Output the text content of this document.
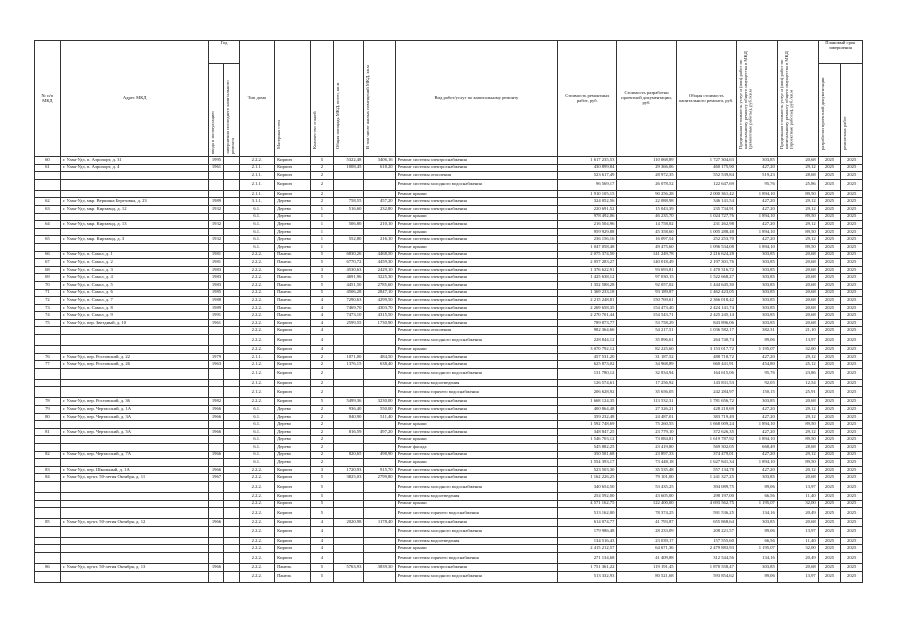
№ п/п МКД	Адрес МКД	Год		Тип дома	Материал стен	Количество этажей	Общая площадь МКД, всего, кв.м	В том числе жилых помещений МКД, кв.м	Вид работ/услуг по капитальному ремонту	Стоимость ремонтных работ, руб.	Стоимость разработки проектной документации, руб.	Общая стоимость капитального ремонта, руб.	Предельная стоимость услуг и (или) работ по капитальному ремонту общего имущества в МКД (ремонтные работы), руб./кв.м	Предельная стоимость услуг и (или) работ по капитальному ремонту общего имущества в МКД (проектные работы), руб./кв.м	Плановый срок завершения	

		ввода в эксплуатацию	завершения последнего капитального ремонта												разработки проектной документации	ремонтных работ

60	г. Улан-Удэ, п. Аэропорт, д. 31	1995		2.2.2.	Кирпич	5	5322,48	3406,16	Ремонт системы электроснабжения	1 617 235,53	110 068,89	1 727 304,63	303,85	20,68	2025	2025
61	г. Улан-Удэ, п. Аэропорт, д. 4	1961		2.1.1.	Кирпич	2	1008,45	618,20	Ремонт системы электроснабжения	430 899,84	29 366,06	460 175,90	427,20	29,12	2025	2025
				2.1.1.	Кирпич	2			Ремонт системы отопления	523 617,49	28 972,35	552 539,84	519,23	28,68	2025	2025
				2.1.1.	Кирпич	2			Ремонт системы холодного водоснабжения	96 569,17	26 078,52	122 647,69	95,76	25,86	2025	2025
				2.1.1.	Кирпич	2			Ремонт крыши	1 910 105,15	90 256,28	2 000 361,42	1 894,10	89,50	2025	2025
62	г. Улан-Удэ, мкр. Вершина Березовка, д. 23	1989		3.1.1.	Дерево	2	758,55	457,20	Ремонт системы электроснабжения	324 052,56	22 088,98	346 141,54	427,20	29,12	2025	2025
63	г. Улан-Удэ, мкр. Кирзавод, д. 12	1932		6.1.	Дерево	1	516,60	232,80	Ремонт системы электроснабжения	220 691,52	15 043,39	235 734,91	427,20	29,12	2025	2025
				6.1.	Дерево	1			Ремонт крыши	978 492,06	46 235,70	1 024 727,76	1 894,10	89,50	2025	2025
64	г. Улан-Удэ, мкр. Кирзавод, д. 13	1932		6.1.	Дерево	1	506,80	210,10	Ремонт системы электроснабжения	216 504,96	14 758,02	231 262,98	427,20	29,12	2025	2025
				6.1.	Дерево	1			Ремонт крыши	959 929,88	45 358,60	1 005 288,48	1 894,10	89,50	2025	2025
65	г. Улан-Удэ, мкр. Кирзавод, д. 3	1932		6.1.	Дерево	1	552,80	216,10	Ремонт системы электроснабжения	236 156,16	16 097,54	252 253,70	427,20	29,12	2025	2025
				6.1.	Дерево	1			Ремонт крыши	1 047 058,48	49 475,60	1 096 534,08	1 894,10	89,50	2025	2025
66	г. Улан-Удэ, п. Сокол, д. 1	1981		2.2.2.	Панель	5	6830,26	4468,50	Ремонт системы электроснабжения	2 075 374,50	141 249,78	2 216 624,28	303,85	20,68	2025	2025
67	г. Улан-Удэ, п. Сокол, д. 2	1981		2.2.2.	Панель	5	6770,72	4459,30	Ремонт системы электроснабжения	2 057 283,27	140 018,49	2 197 301,76	303,85	20,68	2025	2025
68	г. Улан-Удэ, п. Сокол, д. 3	1983		2.2.2.	Кирпич	3	4530,63	2429,10	Ремонт системы электроснабжения	1 376 622,91	93 693,81	1 470 316,72	303,85	20,68	2025	2025
69	г. Улан-Удэ, п. Сокол, д. 4	1983		2.2.2.	Панель	5	4691,96	3225,30	Ремонт системы электроснабжения	1 425 638,12	97 030,15	1 522 668,27	303,85	20,68	2025	2025
70	г. Улан-Удэ, п. Сокол, д. 5	1983		2.2.2.	Панель	5	4451,50	2785,60	Ремонт системы электроснабжения	1 352 588,28	92 057,02	1 444 645,30	303,85	20,68	2025	2025
71	г. Улан-Удэ, п. Сокол, д. 6	1985		2.2.2.	Панель	5	4506,28	2847,10	Ремонт системы электроснабжения	1 369 233,18	93 189,87	1 462 423,05	303,85	20,68	2025	2025
72	г. Улан-Удэ, п. Сокол, д. 7	1988		2.2.2.	Панель	4	7290,63	4299,50	Ремонт системы электроснабжения	2 215 248,81	150 769,61	2 366 018,42	303,85	20,68	2025	2025
73	г. Улан-Удэ, п. Сокол, д. 8	1989		2.2.2.	Панель	4	7469,70	4303,70	Ремонт системы электроснабжения	2 269 658,35	154 473,40	2 424 141,74	303,85	20,68	2025	2025
74	г. Улан-Удэ, п. Сокол, д. 9	1991		2.2.2.	Панель	4	7473,10	4315,50	Ремонт системы электроснабжения	2 270 701,44	154 543,71	2 425 245,14	303,85	20,68	2025	2025
75	г. Улан-Удэ, пер. Звездный, д. 10	1961		2.2.2.	Кирпич	4	2599,55	1730,90	Ремонт системы электроснабжения	789 873,77	53 758,29	843 896,06	303,85	20,68	2025	2025
				2.2.2.	Кирпич	4			Ремонт системы отопления	982 364,66	54 217,51	1 036 582,17	382,31	21,10	2025	2025
				2.2.2.	Кирпич	4			Ремонт системы холодного водоснабжения	228 844,12	35 896,61	264 740,74	89,06	13,97	2025	2025
				2.2.2.	Кирпич	4			Ремонт крыши	3 070 792,12	82 225,60	3 153 017,72	1 195,07	32,00	2025	2025
76	г. Улан-Удэ, пер. Ростовский, д. 22	1979		2.1.1.	Кирпич	2	1071,00	484,50	Ремонт системы электроснабжения	457 531,20	31 187,52	488 718,72	427,20	29,12	2025	2025
77	г. Улан-Удэ, пер. Ростовский, д. 26	1963		2.1.2.	Кирпич	2	1376,15	638,40	Ремонт системы электроснабжения	625 873,02	34 968,89	660 441,91	454,80	25,12	2025	2025
				2.1.2.	Кирпич	2			Ремонт системы холодного водоснабжения	131 780,12	32 834,94	164 615,06	95,76	23,86	2025	2025
				2.1.2.	Кирпич	2			Ремонт системы водоотведения	126 574,61	17 256,92	143 831,53	92,05	12,54	2025	2025
				2.1.2.	Кирпич	2			Ремонт системы горячего водоснабжения	206 628,92	35 656,05	242 284,97	150,15	25,91	2025	2025
78	г. Улан-Удэ, пер. Ростовский, д. 36	1982		2.2.2.	Кирпич	5	5499,36	3230,00	Ремонт системы электроснабжения	1 668 124,35	113 532,31	1 781 656,72	303,85	20,68	2025	2025
79	г. Улан-Удэ, пер. Чертасский, д. 1А	1966		6.1.	Дерево	2	936,40	550,00	Ремонт системы электроснабжения	400 864,48	27 326,21	428 210,69	427,20	29,12	2025	2025
80	г. Улан-Удэ, пер. Чертасский, д. 3А	1966		6.1.	Дерево	2	840,90	511,40	Ремонт системы электроснабжения	359 232,48	24 487,01	383 719,49	427,20	29,12	2025	2025
				6.1.	Дерево	2			Ремонт крыши	1 592 748,69	75 260,55	1 668 009,24	1 894,10	89,50	2025	2025
81	г. Улан-Удэ, пер. Чертасский, д. 5А	1966		6.1.	Дерево	2	816,59	497,20	Ремонт системы электроснабжения	348 847,25	23 779,10	372 626,35	427,20	29,12	2025	2025
				6.1.	Дерево	2			Ремонт крыши	1 546 703,12	73 084,81	1 619 787,92	1 894,10	89,50	2025	2025
				6.1.	Дерево	2			Ремонт фасада	545 882,25	23 419,80	569 302,05	668,49	28,68	2025	2025
82	г. Улан-Удэ, пер. Чертасский, д. 7А	1966		6.1.	Дерево	2	820,65	498,90	Ремонт системы электроснабжения	350 581,68	23 897,33	374 479,01	427,20	29,12	2025	2025
				6.1.	Дерево	2			Ремонт крыши	1 554 393,17	73 448,18	1 627 841,34	1 894,10	89,50	2025	2025
83	г. Улан-Удэ, пер. Школьный, д. 1А	1966		2.2.2.	Кирпич	3	1720,93	915,70	Ремонт системы электроснабжения	523 503,30	35 535,48	557 134,78	427,20	20,12	2025	2025
84	г. Улан-Удэ, пр-кт. 50-летия Октября, д. 11	1967		2.2.2.	Кирпич	5	3825,03	2799,80	Ремонт системы электроснабжения	1 162 226,25	79 101,00	1 241 327,25	303,85	20,68	2025	2025
				2.2.2.	Кирпич	5			Ремонт системы холодного водоснабжения	340 654,50	53 435,25	394 089,75	89,06	13,97	2025	2025
				2.2.2.	Кирпич	5			Ремонт системы водоотведения	254 592,00	43 605,00	298 197,00	66,56	11,40	2025	2025
				2.2.2.	Кирпич	5			Ремонт крыши	4 571 162,75	122 400,00	4 693 562,75	1 195,07	32,00	2025	2025
				2.2.2.	Кирпич	5			Ремонт системы горячего водоснабжения	513 162,00	78 374,25	591 536,25	134,16	20,49	2025	2025
85	г. Улан-Удэ, пр-кт. 50-летия Октября, д. 12	1966		2.2.2.	Кирпич	4	2020,98	1178,40	Ремонт системы электроснабжения	614 074,77	41 793,87	655 868,64	303,85	20,68	2025	2025
				2.2.2.	Кирпич	4			Ремонт системы холодного водоснабжения	179 986,48	28 233,09	208 221,57	89,06	13,97	2025	2025
				2.2.2.	Кирпич	4			Ремонт системы водоотведения	134 516,43	23 039,17	157 555,60	66,56	11,40	2025	2025
				2.2.2.	Кирпич	4			Ремонт крыши	2 415 212,57	64 671,36	2 479 883,93	1 195,07	32,00	2025	2025
				2.2.2.	Кирпич	4			Ремонт системы горячего водоснабжения	271 134,68	41 409,88	312 544,56	134,16	20,49	2025	2025
86	г. Улан-Удэ, пр-кт. 50-летия Октября, д. 13	1966		2.2.2.	Панель	5	5763,93	3839,30	Ремонт системы электроснабжения	1 751 361,22	119 191,45	1 870 558,47	303,85	20,68	2025	2025
				2.2.2.	Панель	5			Ремонт системы холодного водоснабжения	513 332,93	80 521,68	593 854,62	89,06	13,97	2025	2025
